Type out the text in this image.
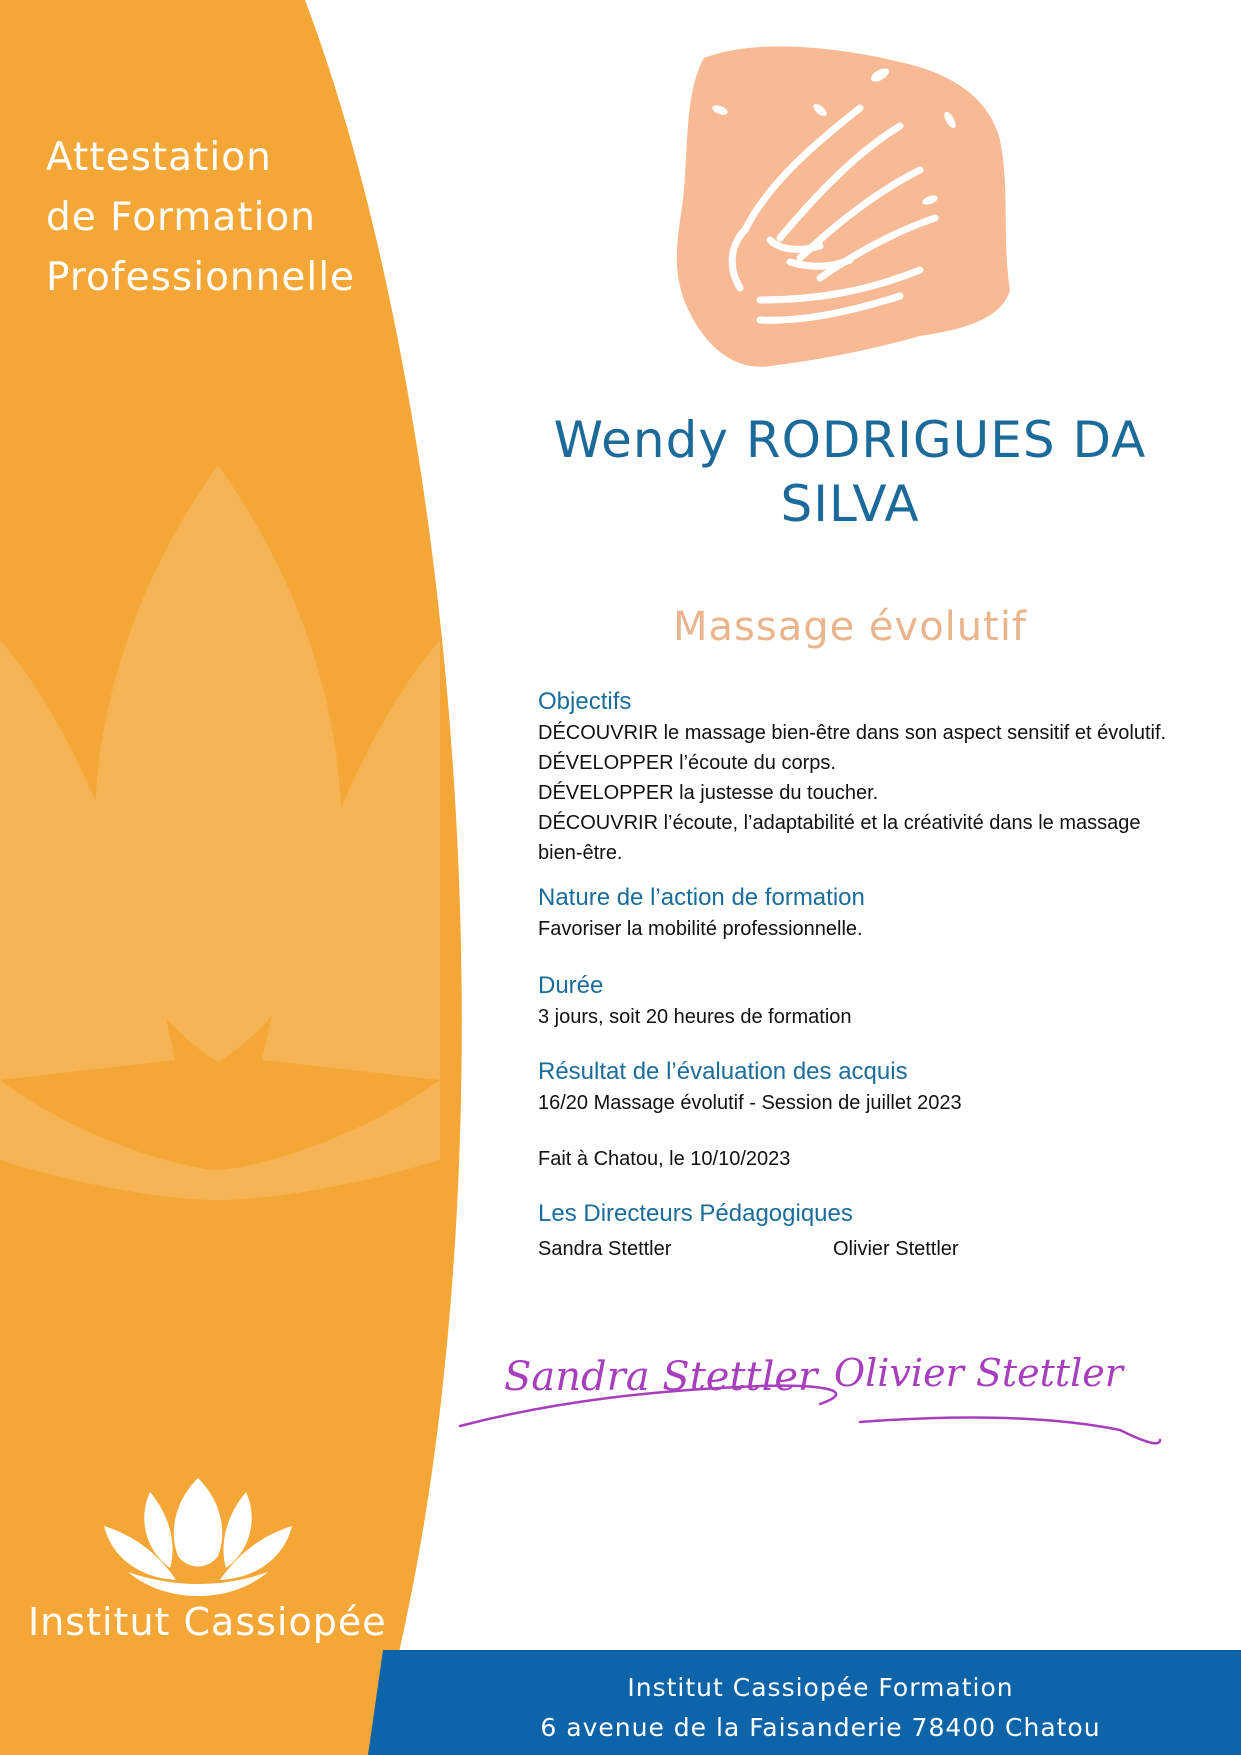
Attestation
de Formation
Professionnelle
Institut Cassiopée
Wendy RODRIGUES DA SILVA
Massage évolutif
Objectifs

DÉCOUVRIR le massage bien-être dans son aspect sensitif et évolutif.

DÉVELOPPER l’écoute du corps.

DÉVELOPPER la justesse du toucher.

DÉCOUVRIR l’écoute, l’adaptabilité et la créativité dans le massage bien-être.

Nature de l’action de formation

Favoriser la mobilité professionnelle.

Durée

3 jours, soit 20 heures de formation

Résultat de l’évaluation des acquis

16/20 Massage évolutif - Session de juillet 2023

Fait à Chatou, le 10/10/2023

Les Directeurs Pédagogiques
Sandra Stettler	Olivier Stettler
Sandra Stettler Olivier Stettler
Institut Cassiopée Formation
6 avenue de la Faisanderie 78400 Chatou
